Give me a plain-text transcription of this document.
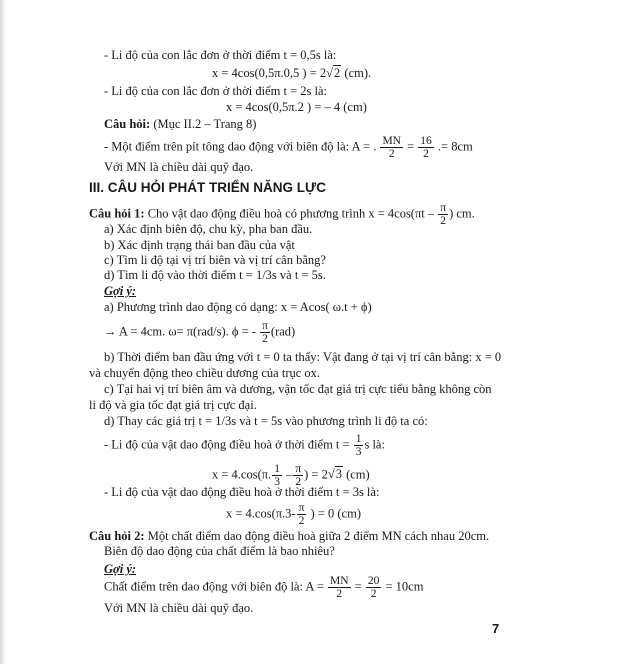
- Li độ của con lắc đơn ở thời điểm t = 0,5s là:
x = 4cos(0,5π.0,5 ) = 2√2 (cm).
- Li độ của con lắc đơn ở thời điểm t = 2s là:
x = 4cos(0,5π.2 ) = – 4 (cm)
Câu hỏi: (Mục II.2 – Trang 8)
- Một điểm trên pít tông dao động với biên độ là: A = . $\frac{MN}{2} = \frac{16}{2}$ .= 8cm
Với MN là chiều dài quỹ đạo.
III. CÂU HỎI PHÁT TRIỂN NĂNG LỰC
Câu hỏi 1: Cho vật dao động điều hoà có phương trình $x = 4\cos(\pi t - \frac{\pi}{2}$ ) cm.
a) Xác định biên độ, chu kỳ, pha ban đầu.
b) Xác định trạng thái ban đầu của vật
c) Tìm li độ tại vị trí biên và vị trí cân bằng?
d) Tìm li độ vào thời điểm t = 1/3s và t = 5s.
Gợi ý:
a) Phương trình dao động có dạng: x = Acos( ω.t + ϕ)
→ A = 4cm. ω= π(rad/s). ϕ = - $\frac{\pi}{2} (rad)$
b) Thời điểm ban đầu ứng với t = 0 ta thấy: Vật đang ở tại vị trí cân bằng: x = 0
và chuyển động theo chiều dương của trục ox.
c) Tại hai vị trí biên âm và dương, vận tốc đạt giá trị cực tiểu bằng không còn
li độ và gia tốc đạt giá trị cực đại.
d) Thay các giá trị t = 1/3s và t = 5s vào phương trình li độ ta có:
- Li độ của vật dao động điều hoà ở thời điểm $t = \frac{1}{3}$ s là:
x = 4.cos(π. $\frac{1}{3} - \frac{\pi}{2}$ ) = 2√3 (cm)
- Li độ của vật dao động điều hoà ở thời điểm t = 3s là:
$x = 4.\cos(\pi.3- \frac{\pi}{2}$ ) = 0 (cm)
Câu hỏi 2: Một chất điểm dao động điều hoà giữa 2 điểm MN cách nhau 20cm.
Biên độ dao động của chất điểm là bao nhiêu?
Gợi ý:
Chất điểm trên dao động với biên độ là: $A = \frac{MN}{2} = \frac{20}{2} = 10cm$
Với MN là chiều dài quỹ đạo.
7
